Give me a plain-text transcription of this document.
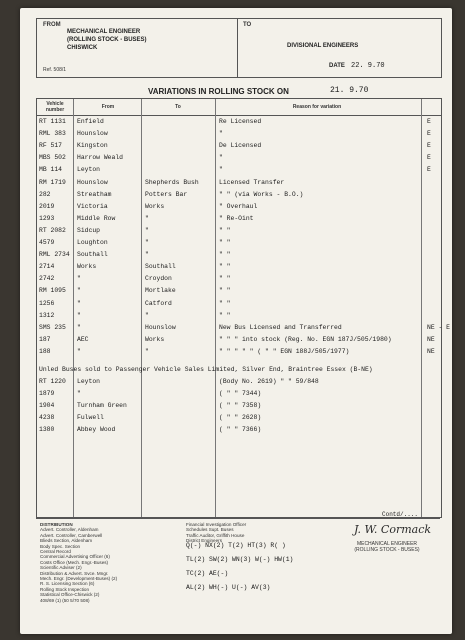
FROM
MECHANICAL ENGINEER
(ROLLING STOCK - BUSES)
CHISWICK
Ref. 508/1
TO
DIVISIONAL ENGINEERS
DATE 22. 9.70
VARIATIONS IN ROLLING STOCK ON	21. 9.70
Vehicle number	From	To	Reason for variation
RT 1131 Enfield	Re Licensed	E
RML 383 Hounslow	"	E
RF 517 Kingston	De Licensed	E
MBS 502 Harrow Weald	"	E
MB 114 Leyton	"	E
RM 1719 Hounslow	Shepherds Bush	Licensed Transfer
282	Streatham	Potters Bar	" " (via Works - B.O.)
2019	Victoria	Works	" Overhaul
1293	Middle Row	"	" Re-Oint
RT 2082 Sidcup	"	" "
4579	Loughton	"	" "
RML 2734 Southall	"	" "
2714	Works	Southall	" "
2742	"	Croydon	" "
RM 1095 "	Mortlake	" "
1256	"	Catford	" "
1312	"	"	" "
SMS 235 "	Hounslow	New Bus Licensed and Transferred	NE - E
187	AEC	Works	" " " into stock (Reg. No. EGN 187J/505/1980)	NE
188	"	"	" " " " " ( " " EGN 188J/505/1977)	NE
Unled Buses sold to Passenger Vehicle Sales Limited, Silver End, Braintree Essex (B-NE)
RT 1220 Leyton	(Body No. 2619) " " 59/848
1879	"	( " " 7344)
1904	Turnham Green	( " " 7358)
4238	Fulwell	( " " 2628)
1380	Abbey Wood	( " " 7366)
Contd/....
DISTRIBUTION
Advert. Controller, Aldenham
Advert. Controller, Camberwell
Blieds Section, Aldenham
Body Spec. Section
Central Record
Commercial Advertising Officer (6)
Costs Office (Mech. Engr.-Buses)
Scientific Adviser (2)
Distribution & Advert. Svce. Mngr.
Mech. Engr. (Development-Buses) (2)
R. S. Licensing Section (6)
Rolling Stock Inspection
Statistical Office-Chiswick (2)
408/69 (1) (50 5/70 508)
Financial Investigation Officer
Schedules Supt. Buses
Traffic Auditor, Griffith House
District Engineers
Q(-) NX(2) T(2) HT(3) R( )
TL(2) SW(2) WN(3) W(-) HW(1)
TC(2) AE(-)
AL(2) WH(-) U(-) AV(3)
J. W. Cormack
MECHANICAL ENGINEER
(ROLLING STOCK - BUSES)
